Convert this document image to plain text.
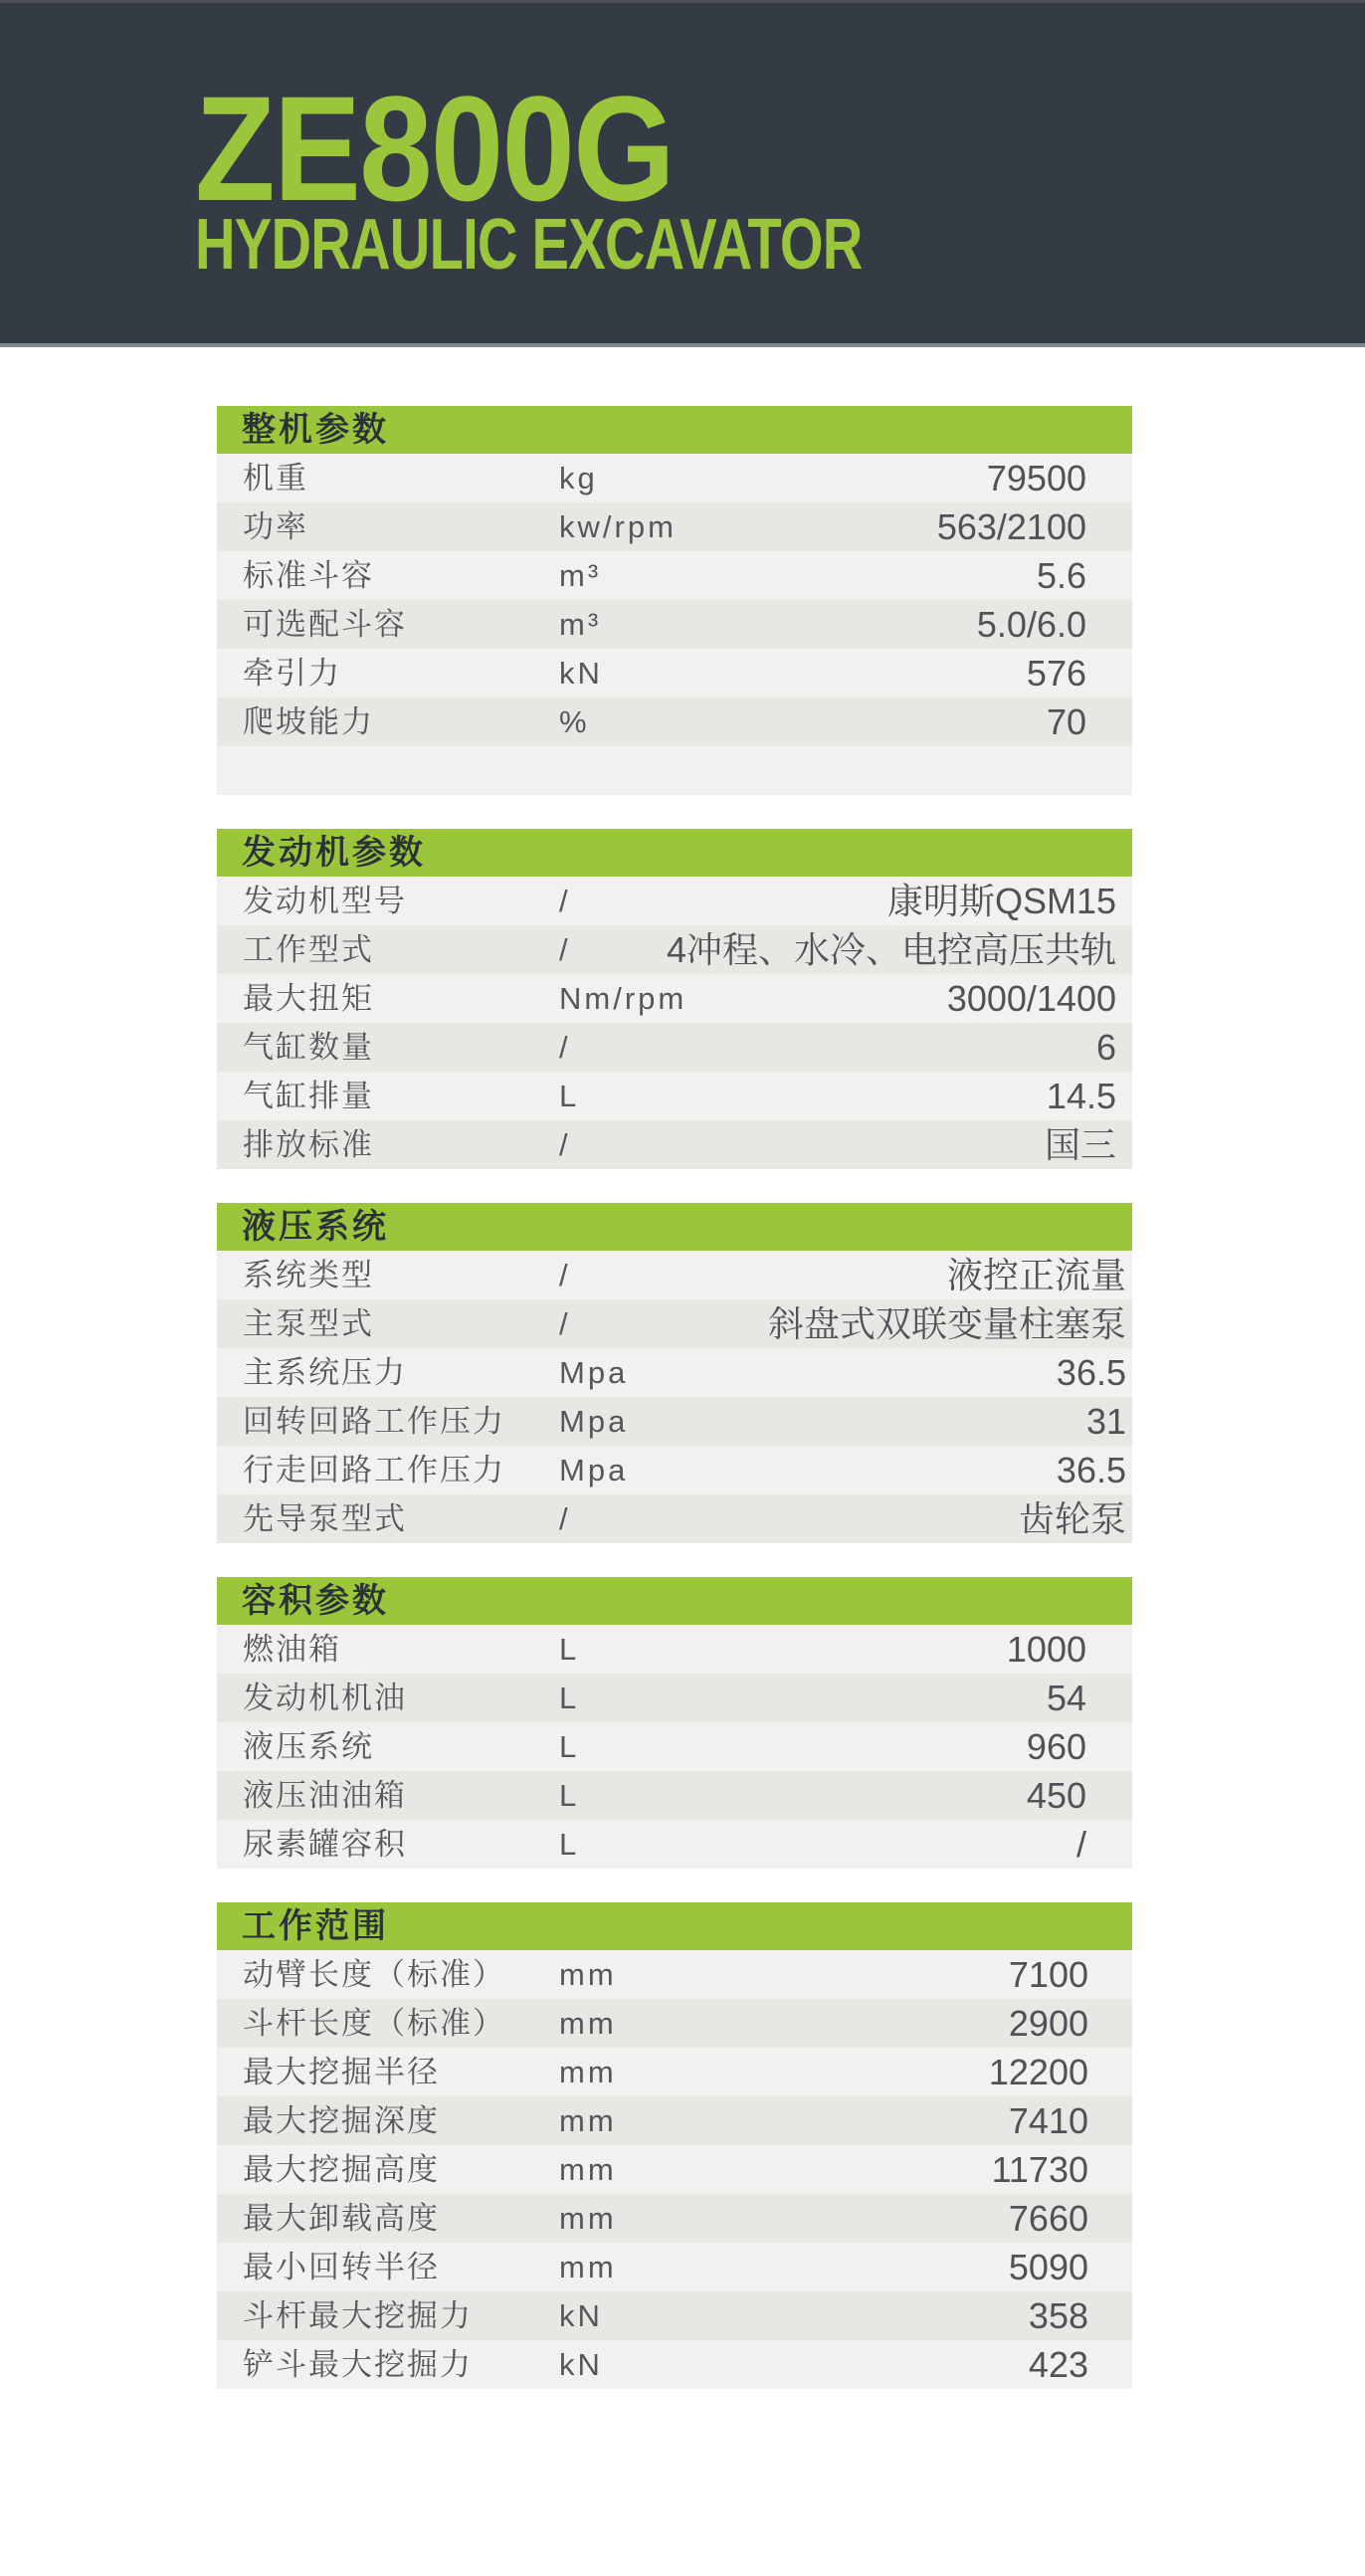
ZE800G
HYDRAULIC EXCAVATOR
整机参数
机重	kg	79500
功率	kw/rpm	563/2100
标准斗容	m³	5.6
可选配斗容	m³	5.0/6.0
牵引力	kN	576
爬坡能力	%	70
发动机参数
发动机型号	/	康明斯QSM15
工作型式	/	4冲程、水冷、电控高压共轨
最大扭矩	Nm/rpm	3000/1400
气缸数量	/	6
气缸排量	L	14.5
排放标准	/	国三
液压系统
系统类型	/	液控正流量
主泵型式	/	斜盘式双联变量柱塞泵
主系统压力	Mpa	36.5
回转回路工作压力 Mpa	31
行走回路工作压力 Mpa	36.5
先导泵型式	/	齿轮泵
容积参数
燃油箱	L	1000
发动机机油	L	54
液压系统	L	960
液压油油箱	L	450
尿素罐容积	L	/
工作范围
动臂长度（标准） mm	7100
斗杆长度（标准） mm	2900
最大挖掘半径	mm	12200
最大挖掘深度	mm	7410
最大挖掘高度	mm	11730
最大卸载高度	mm	7660
最小回转半径	mm	5090
斗杆最大挖掘力	kN	358
铲斗最大挖掘力	kN	423
